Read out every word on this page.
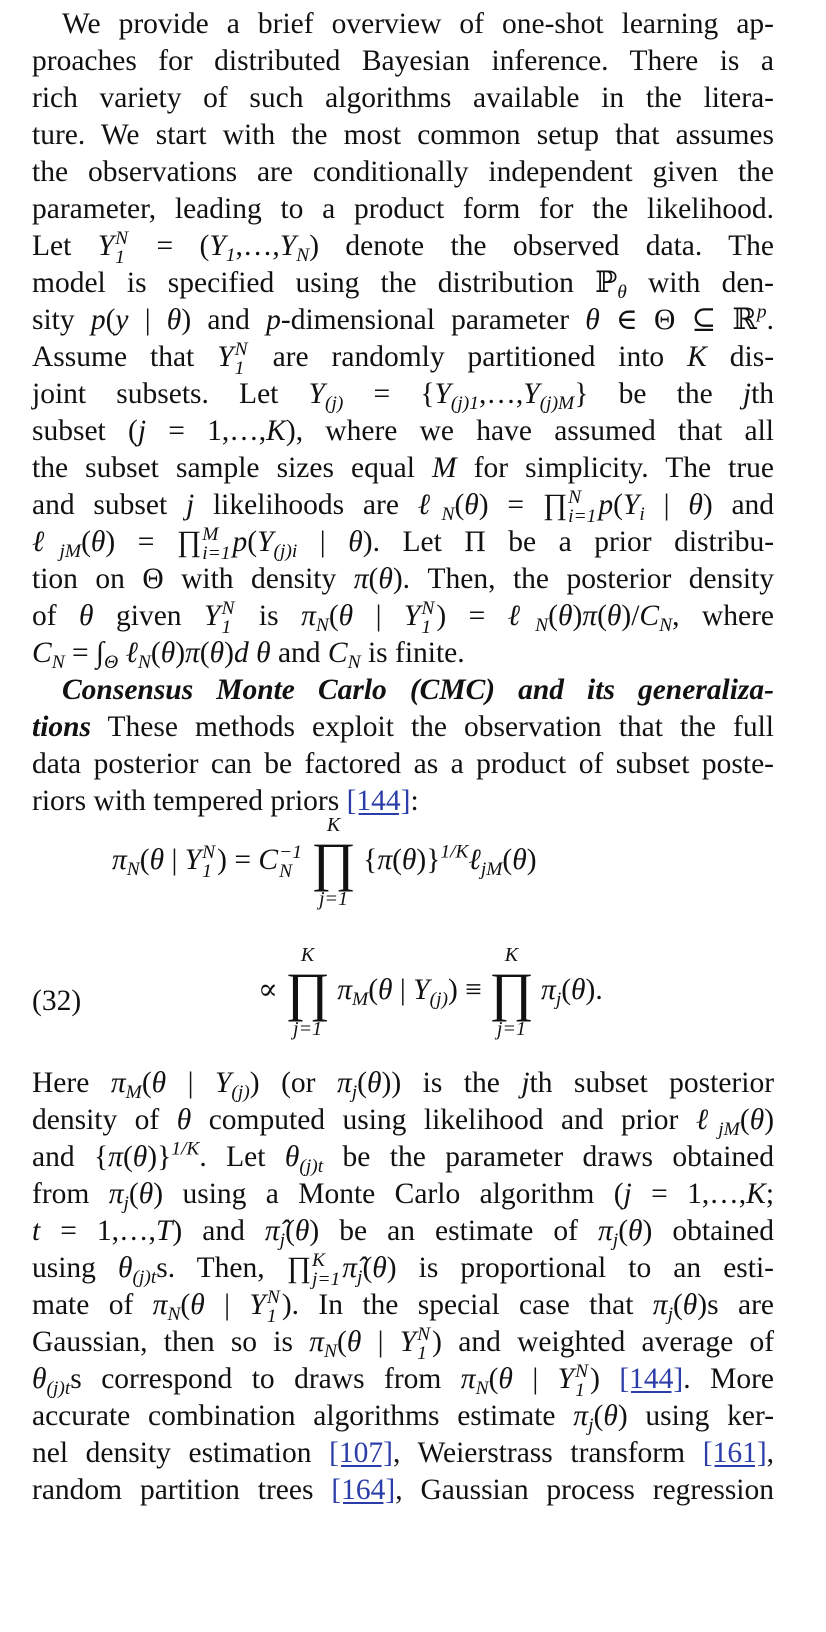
We provide a brief overview of one-shot learning ap-
proaches for distributed Bayesian inference. There is a
rich variety of such algorithms available in the litera-
ture. We start with the most common setup that assumes
the observations are conditionally independent given the
parameter, leading to a product form for the likelihood.
Let Y N
$1 = (Y_1,\dots,Y_N)$ denote the observed data. The
model is specified using the distribution ℙ$_\theta$ with den-
sity p(y | θ) and p-dimensional parameter θ ∈ Θ ⊆ ℝ$^p$.
Assume that Y N
1 are randomly partitioned into K dis-
joint subsets. Let $Y_{(j)}$ = $\{Y_{(j)1},\dots,Y_{(j)M}\}$ be the jth
subset (j = 1,…,K), where we have assumed that all
the subset sample sizes equal M for simplicity. The true
and subset j likelihoods are ℓ$_N$(θ) = ∏ N
i=1 $p(Y_i$ | θ) and
ℓ$_{jM}$(θ) = ∏ M
i=1 $p(Y_{(j)i}$ | θ). Let Π be a prior distribu-
tion on Θ with density π(θ). Then, the posterior density
of θ given Y N
1 is $\pi_N(\theta$ | Y N
1 ) = $\ell_N(\theta)\pi(\theta)/C_N$, where
$C_N = \int_\Theta$ ℓ$_N$(θ)π(θ)d θ and $C_N$ is finite.
Consensus Monte Carlo (CMC) and its generaliza-
tions These methods exploit the observation that the full
data posterior can be factored as a product of subset poste-
riors with tempered priors [144]:
$\pi_N(\theta$ | Y N
1 ) = C −1
N

K
∏
j=1
$\{\pi(\theta)\}^{1/K}\ell_{jM}(\theta)$
(32)	∝
K
∏
j=1
$\pi_M(\theta$ | $Y_{(j)}$) ≡
K
∏
j=1
$\pi_j(\theta)$.
Here $\pi_M(\theta$ | $Y_{(j)}$) (or $\pi_j(\theta)$) is the jth subset posterior
density of θ computed using likelihood and prior ℓ$_{jM}$(θ)
and $\{\pi(\theta)\}^{1/K}$. Let $\theta_{(j)t}$ be the parameter draws obtained
from $\pi_j(\theta)$ using a Monte Carlo algorithm (j = 1,…,K;
t = 1,…,T) and $\pî_j(\theta)$ be an estimate of $\pi_j(\theta)$ obtained
using $\theta_{(j)t}s$. Then, ∏ K
j=1 $\pî_j(\theta)$ is proportional to an esti-
mate of $\pi_N(\theta$ | Y N
1 ). In the special case that $\pi_j(\theta)s$ are
Gaussian, then so is $\pi_N(\theta$ | Y N
1 ) and weighted average of
$\theta_{(j)t}s$ correspond to draws from $\pi_N(\theta$ | Y N
1 ) [144]. More
accurate combination algorithms estimate $\pi_j(\theta)$ using ker-
nel density estimation [107], Weierstrass transform [161],
random partition trees [164], Gaussian process regression
